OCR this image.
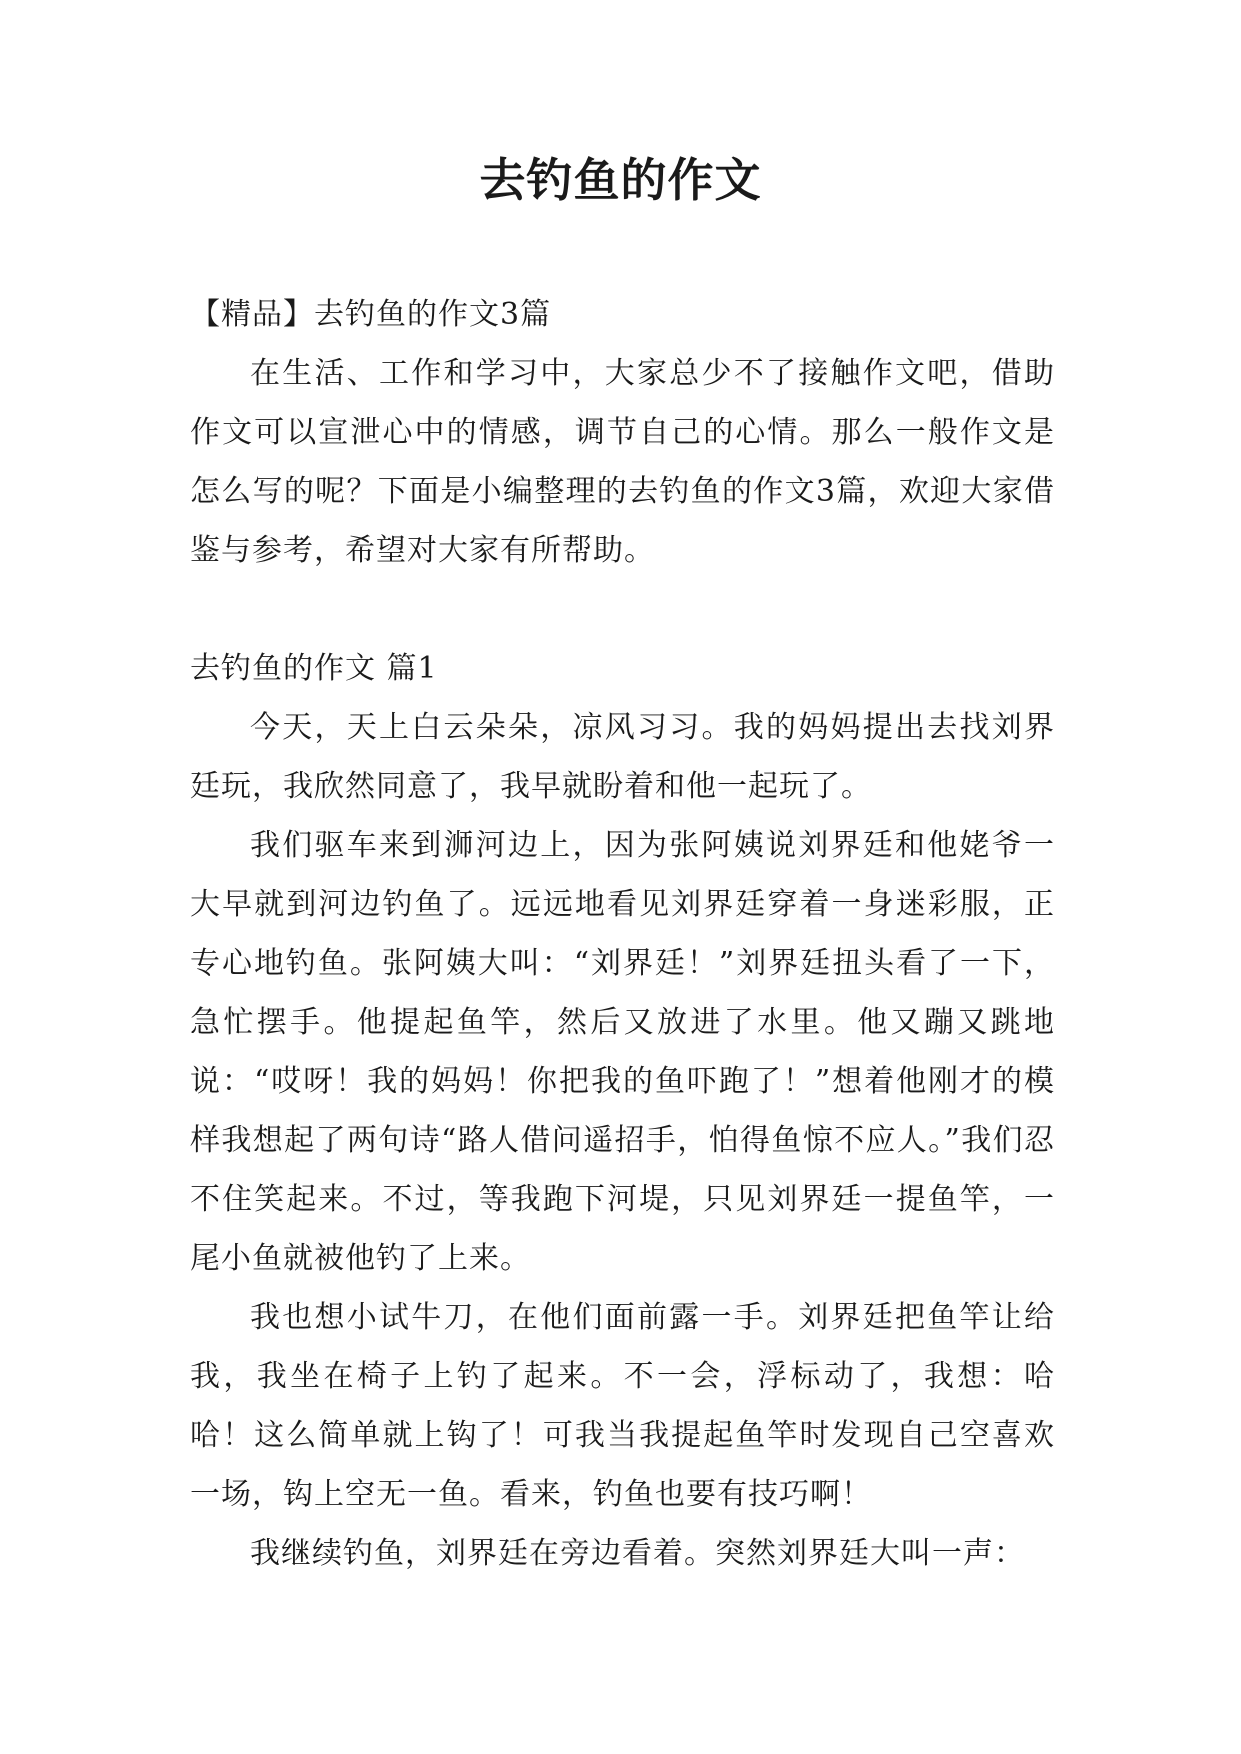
去钓鱼的作文

【精品】去钓鱼的作文3篇

在生活、工作和学习中，大家总少不了接触作文吧，借助作文可以宣泄心中的情感，调节自己的心情。那么一般作文是怎么写的呢？下面是小编整理的去钓鱼的作文3篇，欢迎大家借鉴与参考，希望对大家有所帮助。

去钓鱼的作文 篇1

今天，天上白云朵朵，凉风习习。我的妈妈提出去找刘界廷玩，我欣然同意了，我早就盼着和他一起玩了。

我们驱车来到浉河边上，因为张阿姨说刘界廷和他姥爷一大早就到河边钓鱼了。远远地看见刘界廷穿着一身迷彩服，正专心地钓鱼。张阿姨大叫：“刘界廷！”刘界廷扭头看了一下，急忙摆手。他提起鱼竿，然后又放进了水里。他又蹦又跳地说：“哎呀！我的妈妈！你把我的鱼吓跑了！”想着他刚才的模样我想起了两句诗“路人借问遥招手，怕得鱼惊不应人。”我们忍不住笑起来。不过，等我跑下河堤，只见刘界廷一提鱼竿，一尾小鱼就被他钓了上来。

我也想小试牛刀，在他们面前露一手。刘界廷把鱼竿让给我，我坐在椅子上钓了起来。不一会，浮标动了，我想：哈哈！这么简单就上钩了！可我当我提起鱼竿时发现自己空喜欢一场，钩上空无一鱼。看来，钓鱼也要有技巧啊！

我继续钓鱼，刘界廷在旁边看着。突然刘界廷大叫一声：
